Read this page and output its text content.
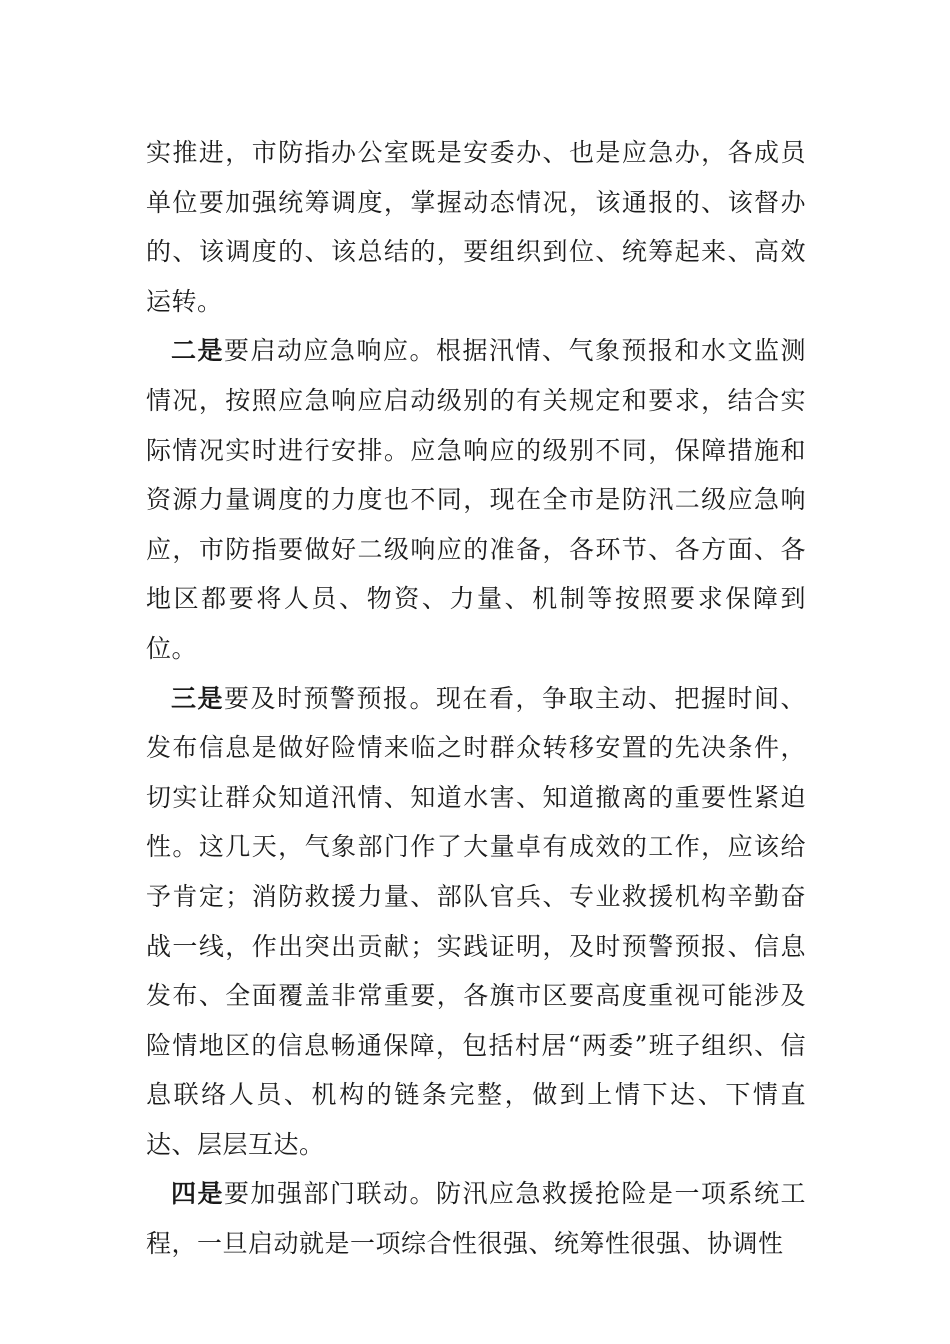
实推进，市防指办公室既是安委办、也是应急办，各成员单位要加强统筹调度，掌握动态情况，该通报的、该督办的、该调度的、该总结的，要组织到位、统筹起来、高效运转。

二是要启动应急响应。根据汛情、气象预报和水文监测情况，按照应急响应启动级别的有关规定和要求，结合实际情况实时进行安排。应急响应的级别不同，保障措施和资源力量调度的力度也不同，现在全市是防汛二级应急响应，市防指要做好二级响应的准备，各环节、各方面、各地区都要将人员、物资、力量、机制等按照要求保障到位。

三是要及时预警预报。现在看，争取主动、把握时间、发布信息是做好险情来临之时群众转移安置的先决条件，切实让群众知道汛情、知道水害、知道撤离的重要性紧迫性。这几天，气象部门作了大量卓有成效的工作，应该给予肯定；消防救援力量、部队官兵、专业救援机构辛勤奋战一线，作出突出贡献；实践证明，及时预警预报、信息发布、全面覆盖非常重要，各旗市区要高度重视可能涉及险情地区的信息畅通保障，包括村居“两委”班子组织、信息联络人员、机构的链条完整，做到上情下达、下情直达、层层互达。

四是要加强部门联动。防汛应急救援抢险是一项系统工程，一旦启动就是一项综合性很强、统筹性很强、协调性
